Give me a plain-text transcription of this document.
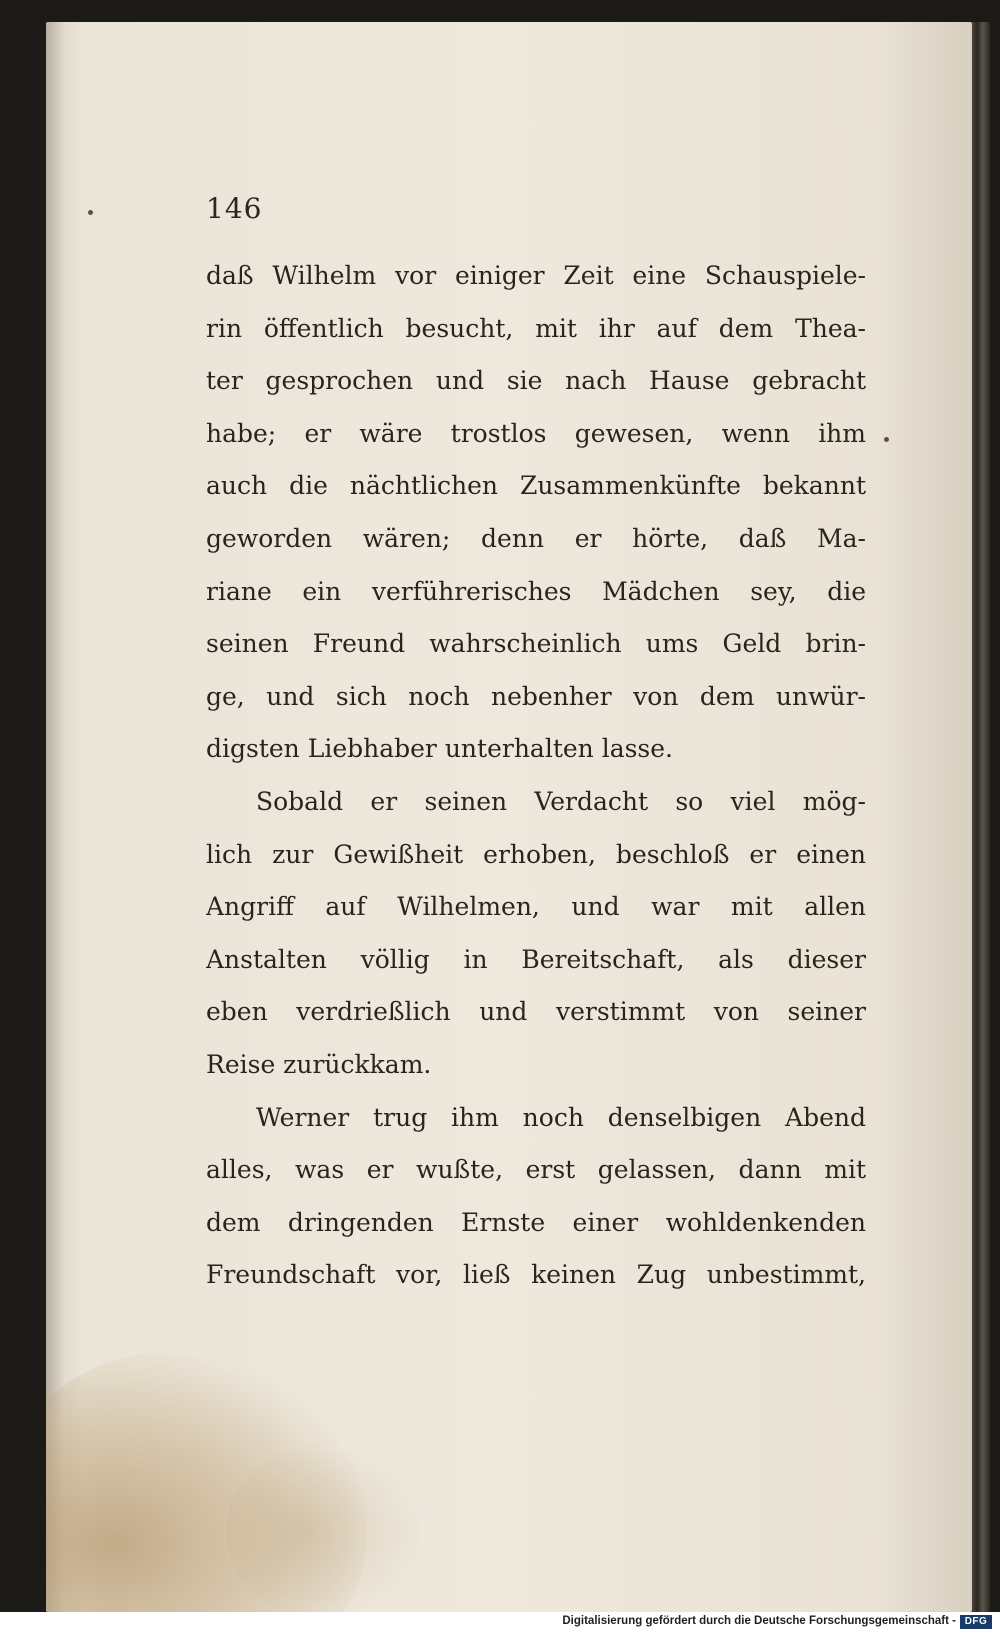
146
daß Wilhelm vor einiger Zeit eine Schauspiele-
rin öffentlich besucht, mit ihr auf dem Thea-
ter gesprochen und sie nach Hause gebracht
habe; er wäre trostlos gewesen, wenn ihm
auch die nächtlichen Zusammenkünfte bekannt
geworden wären; denn er hörte, daß Ma-
riane ein verführerisches Mädchen sey, die
seinen Freund wahrscheinlich ums Geld brin-
ge, und sich noch nebenher von dem unwür-
digsten Liebhaber unterhalten lasse.
Sobald er seinen Verdacht so viel mög-
lich zur Gewißheit erhoben, beschloß er einen
Angriff auf Wilhelmen, und war mit allen
Anstalten völlig in Bereitschaft, als dieser
eben verdrießlich und verstimmt von seiner
Reise zurückkam.
Werner trug ihm noch denselbigen Abend
alles, was er wußte, erst gelassen, dann mit
dem dringenden Ernste einer wohldenkenden
Freundschaft vor, ließ keinen Zug unbestimmt,
Digitalisierung gefördert durch die Deutsche Forschungsgemeinschaft - DFG
